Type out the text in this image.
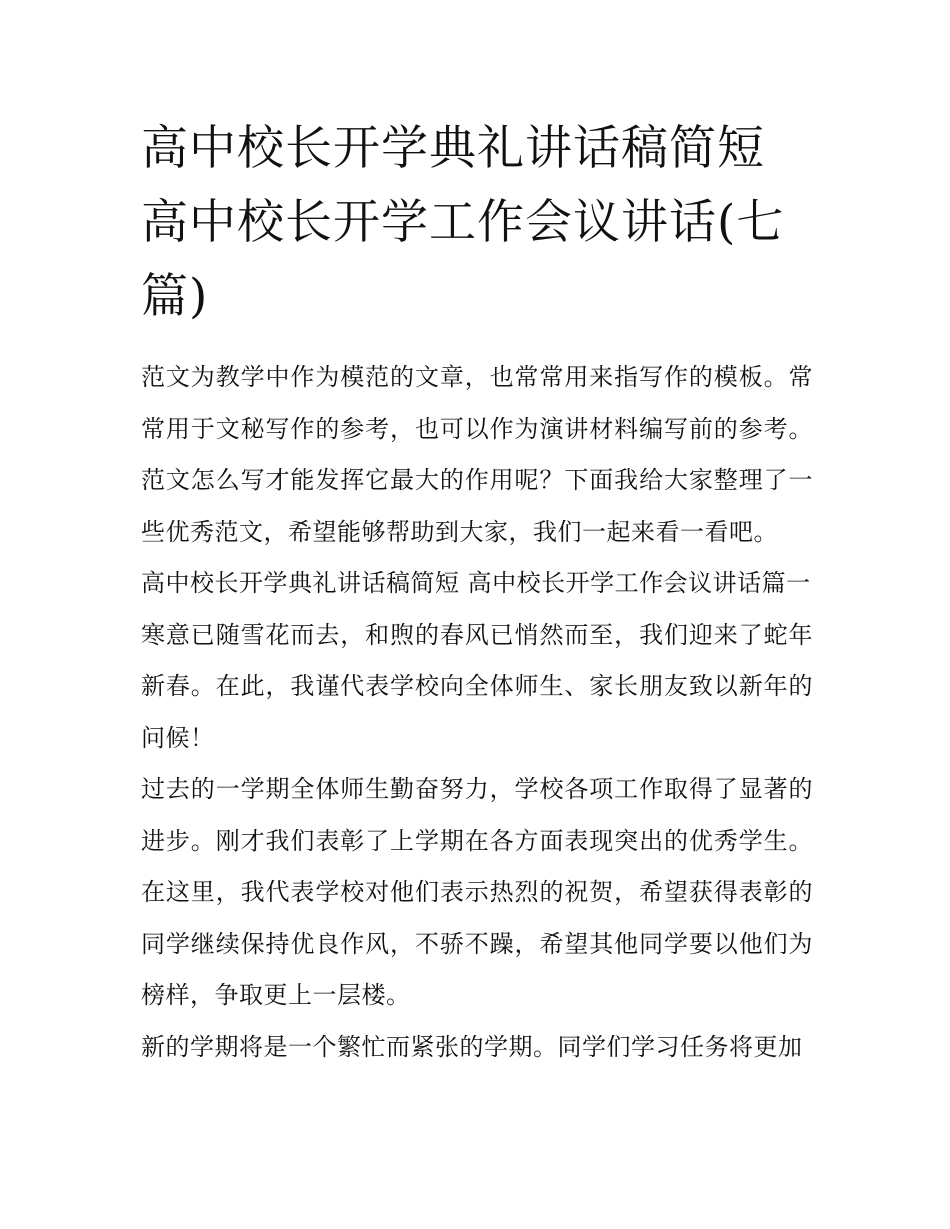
高中校长开学典礼讲话稿简短 高中校长开学工作会议讲话(七篇)

范文为教学中作为模范的文章，也常常用来指写作的模板。常常用于文秘写作的参考，也可以作为演讲材料编写前的参考。范文怎么写才能发挥它最大的作用呢？下面我给大家整理了一些优秀范文，希望能够帮助到大家，我们一起来看一看吧。

高中校长开学典礼讲话稿简短 高中校长开学工作会议讲话篇一

寒意已随雪花而去，和煦的春风已悄然而至，我们迎来了蛇年新春。在此，我谨代表学校向全体师生、家长朋友致以新年的问候！

过去的一学期全体师生勤奋努力，学校各项工作取得了显著的进步。刚才我们表彰了上学期在各方面表现突出的优秀学生。在这里，我代表学校对他们表示热烈的祝贺，希望获得表彰的同学继续保持优良作风，不骄不躁，希望其他同学要以他们为榜样，争取更上一层楼。

新的学期将是一个繁忙而紧张的学期。同学们学习任务将更加
